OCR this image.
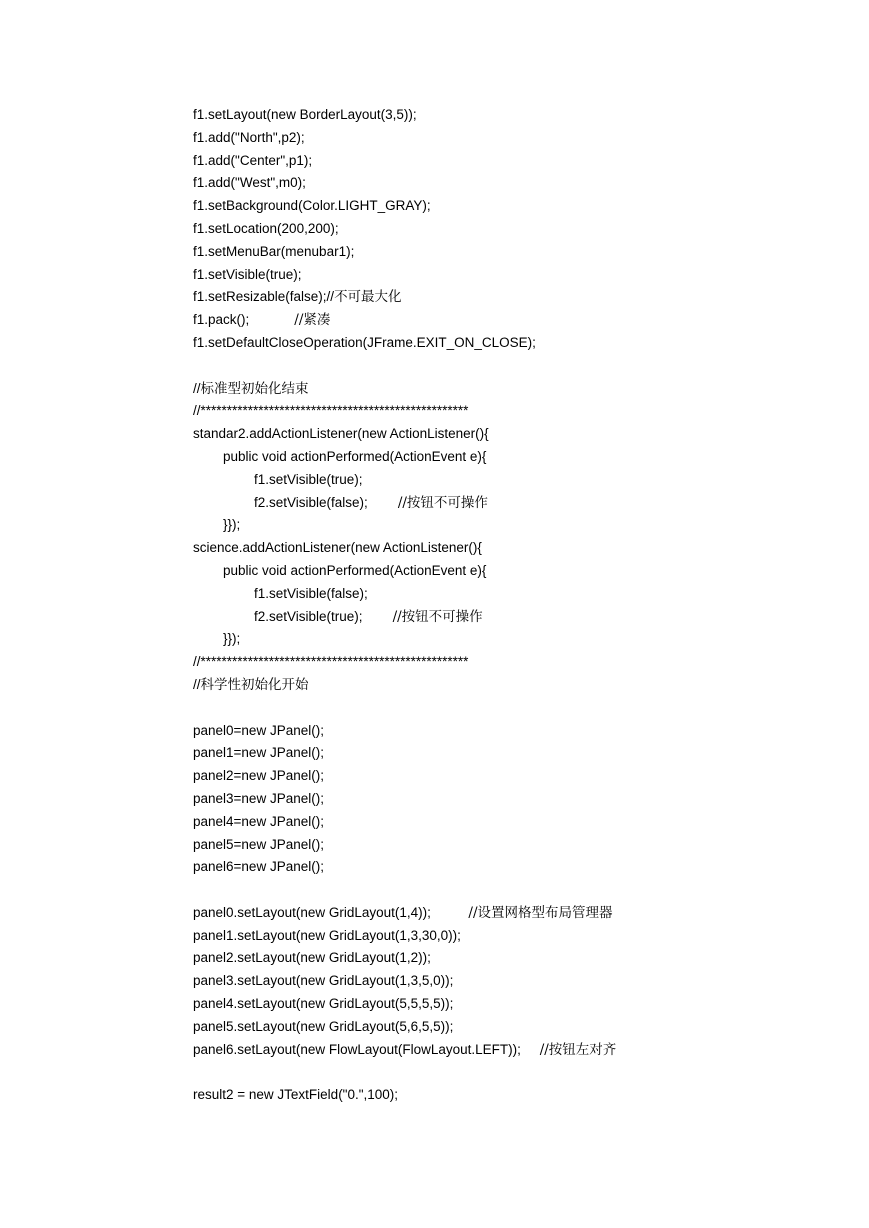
f1.setLayout(new BorderLayout(3,5));
f1.add("North",p2);
f1.add("Center",p1);
f1.add("West",m0);
f1.setBackground(Color.LIGHT_GRAY);
f1.setLocation(200,200);
f1.setMenuBar(menubar1);
f1.setVisible(true);
f1.setResizable(false);//不可最大化
f1.pack();	//紧凑
f1.setDefaultCloseOperation(JFrame.EXIT_ON_CLOSE);
//标准型初始化结束
//***************************************************
standar2.addActionListener(new ActionListener(){
public void actionPerformed(ActionEvent e){
f1.setVisible(true);
f2.setVisible(false); //按钮不可操作
}});
science.addActionListener(new ActionListener(){
public void actionPerformed(ActionEvent e){
f1.setVisible(false);
f2.setVisible(true); //按钮不可操作
}});
//***************************************************
//科学性初始化开始
panel0=new JPanel();
panel1=new JPanel();
panel2=new JPanel();
panel3=new JPanel();
panel4=new JPanel();
panel5=new JPanel();
panel6=new JPanel();
panel0.setLayout(new GridLayout(1,4));	//设置网格型布局管理器
panel1.setLayout(new GridLayout(1,3,30,0));
panel2.setLayout(new GridLayout(1,2));
panel3.setLayout(new GridLayout(1,3,5,0));
panel4.setLayout(new GridLayout(5,5,5,5));
panel5.setLayout(new GridLayout(5,6,5,5));
panel6.setLayout(new FlowLayout(FlowLayout.LEFT)); //按钮左对齐
result2 = new JTextField("0.",100);
